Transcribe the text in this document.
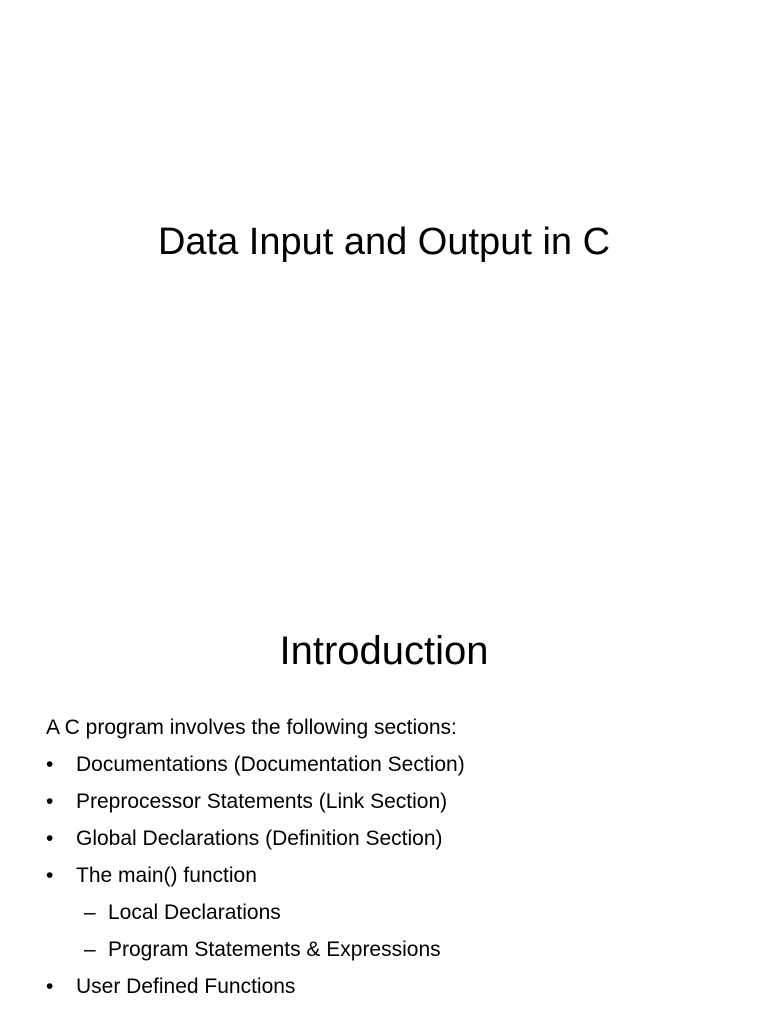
Data Input and Output in C
Introduction
A C program involves the following sections:
•	Documentations (Documentation Section)
•	Preprocessor Statements (Link Section)
•	Global Declarations (Definition Section)
•	The main() function
– Local Declarations
– Program Statements & Expressions
•	User Defined Functions
